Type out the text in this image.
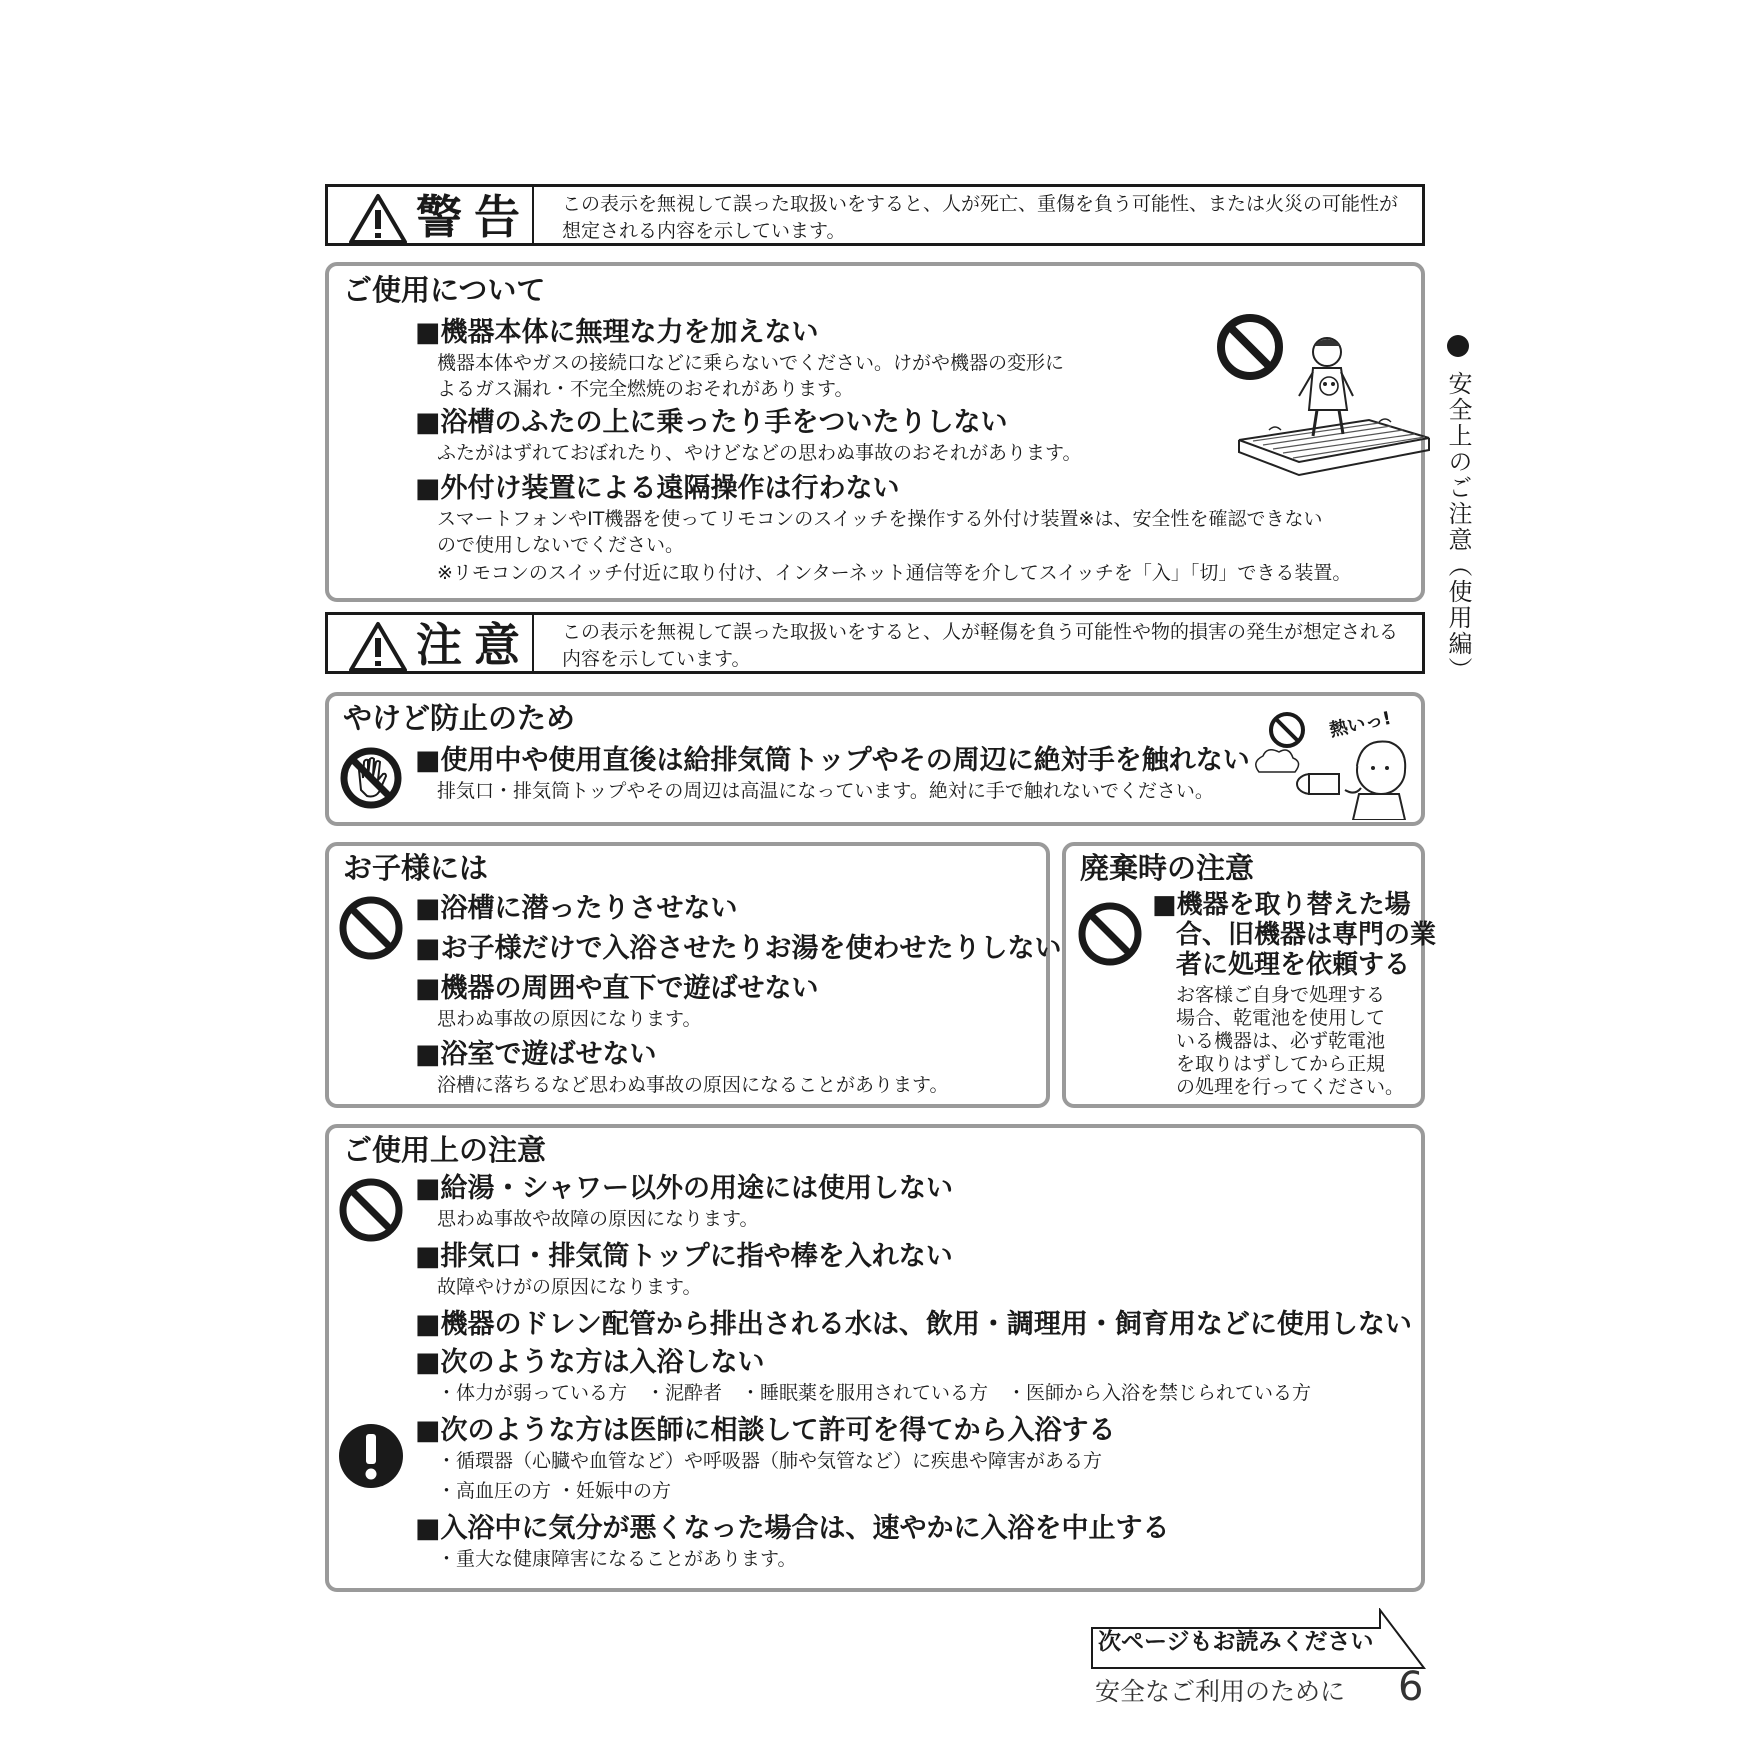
警告 この表示を無視して誤った取扱いをすると、人が死亡、重傷を負う可能性、または火災の可能性が想定される内容を示しています。
ご使用について
■機器本体に無理な力を加えない
機器本体やガスの接続口などに乗らないでください。けがや機器の変形に
よるガス漏れ・不完全燃焼のおそれがあります。
■浴槽のふたの上に乗ったり手をついたりしない
ふたがはずれておぼれたり、やけどなどの思わぬ事故のおそれがあります。
■外付け装置による遠隔操作は行わない
スマートフォンやIT機器を使ってリモコンのスイッチを操作する外付け装置※は、安全性を確認できない
ので使用しないでください。
※リモコンのスイッチ付近に取り付け、インターネット通信等を介してスイッチを「入」「切」できる装置。
注意 この表示を無視して誤った取扱いをすると、人が軽傷を負う可能性や物的損害の発生が想定される内容を示しています。
やけど防止のため
■使用中や使用直後は給排気筒トップやその周辺に絶対手を触れない
排気口・排気筒トップやその周辺は高温になっています。絶対に手で触れないでください。
熱いっ!
お子様には
■浴槽に潜ったりさせない
■お子様だけで入浴させたりお湯を使わせたりしない
■機器の周囲や直下で遊ばせない
思わぬ事故の原因になります。
■浴室で遊ばせない
浴槽に落ちるなど思わぬ事故の原因になることがあります。
廃棄時の注意
■機器を取り替えた場
合、旧機器は専門の業
者に処理を依頼する
お客様ご自身で処理する
場合、乾電池を使用して
いる機器は、必ず乾電池
を取りはずしてから正規
の処理を行ってください。
ご使用上の注意
■給湯・シャワー以外の用途には使用しない
思わぬ事故や故障の原因になります。
■排気口・排気筒トップに指や棒を入れない
故障やけがの原因になります。
■機器のドレン配管から排出される水は、飲用・調理用・飼育用などに使用しない
■次のような方は入浴しない
・体力が弱っている方　・泥酔者　・睡眠薬を服用されている方　・医師から入浴を禁じられている方
■次のような方は医師に相談して許可を得てから入浴する
・循環器（心臓や血管など）や呼吸器（肺や気管など）に疾患や障害がある方
・高血圧の方 ・妊娠中の方
■入浴中に気分が悪くなった場合は、速やかに入浴を中止する
・重大な健康障害になることがあります。
安全上のご注意（使用編）
次ページもお読みください
安全なご利用のために 6
